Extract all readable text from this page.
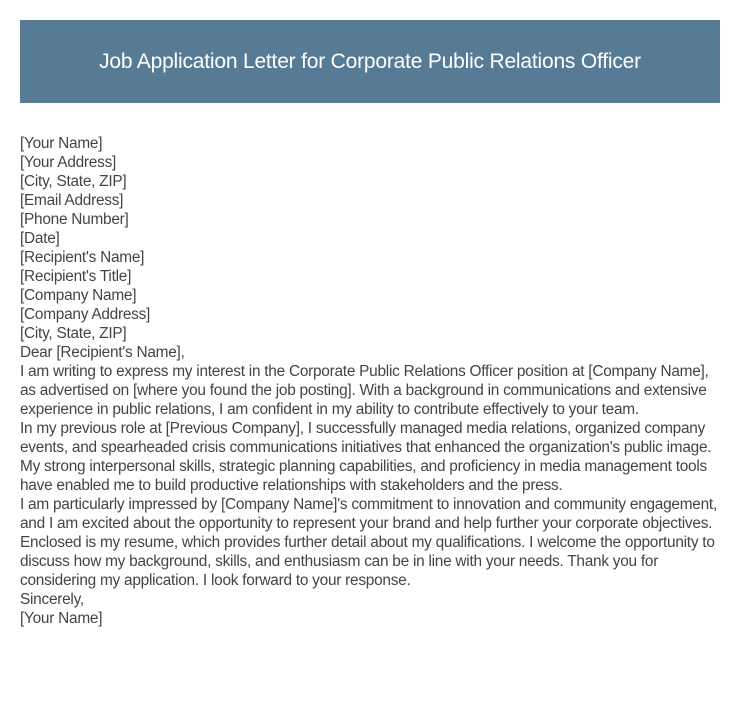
Job Application Letter for Corporate Public Relations Officer
[Your Name]
[Your Address]
[City, State, ZIP]
[Email Address]
[Phone Number]
[Date]
[Recipient's Name]
[Recipient's Title]
[Company Name]
[Company Address]
[City, State, ZIP]
Dear [Recipient's Name],
I am writing to express my interest in the Corporate Public Relations Officer position at [Company Name], as advertised on [where you found the job posting]. With a background in communications and extensive experience in public relations, I am confident in my ability to contribute effectively to your team.
In my previous role at [Previous Company], I successfully managed media relations, organized company events, and spearheaded crisis communications initiatives that enhanced the organization's public image. My strong interpersonal skills, strategic planning capabilities, and proficiency in media management tools have enabled me to build productive relationships with stakeholders and the press.
I am particularly impressed by [Company Name]'s commitment to innovation and community engagement, and I am excited about the opportunity to represent your brand and help further your corporate objectives.
Enclosed is my resume, which provides further detail about my qualifications. I welcome the opportunity to discuss how my background, skills, and enthusiasm can be in line with your needs. Thank you for considering my application. I look forward to your response.
Sincerely,
[Your Name]
